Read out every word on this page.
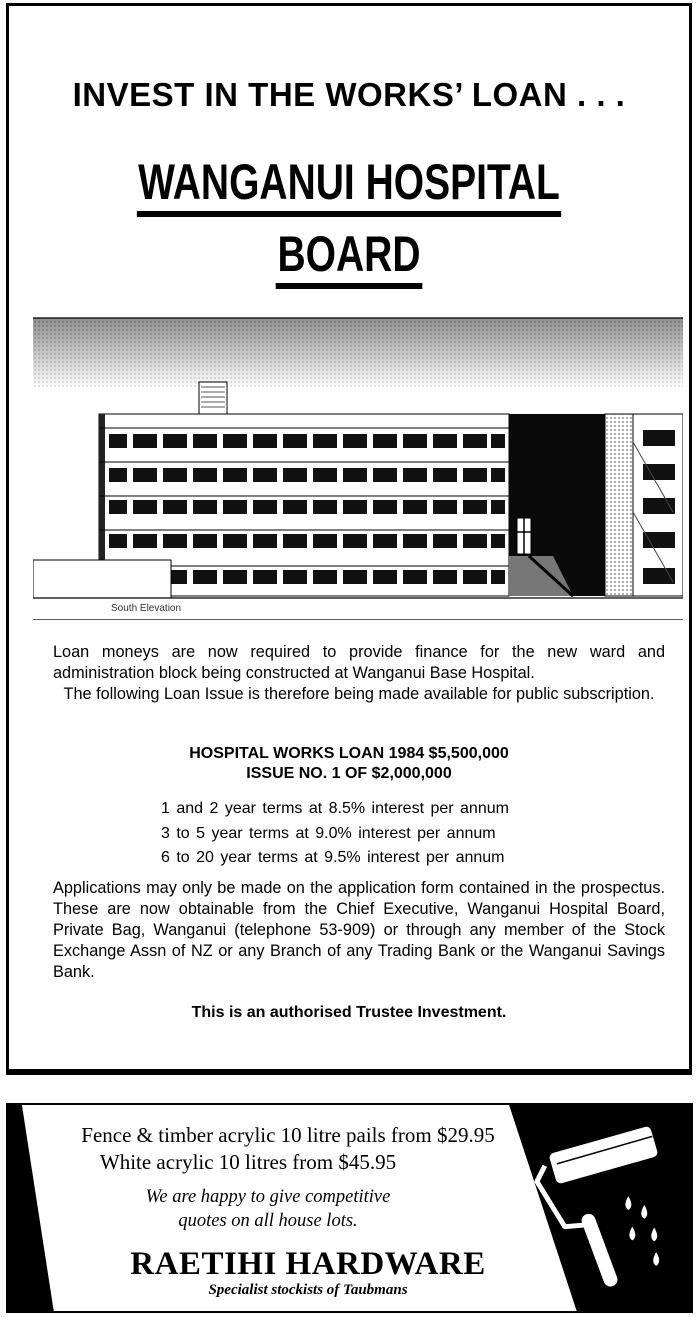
INVEST IN THE WORKS’ LOAN . . .
WANGANUI HOSPITAL
BOARD
South Elevation
Loan moneys are now required to provide finance for the new ward and administration block being constructed at Wanganui Base Hospital.
The following Loan Issue is therefore being made available for public subscription.
HOSPITAL WORKS LOAN 1984 $5,500,000
ISSUE NO. 1 OF $2,000,000
1 and 2 year terms at 8.5% interest per annum
3 to 5 year terms at 9.0% interest per annum
6 to 20 year terms at 9.5% interest per annum
Applications may only be made on the application form contained in the prospectus. These are now obtainable from the Chief Executive, Wanganui Hospital Board, Private Bag, Wanganui (telephone 53-909) or through any member of the Stock Exchange Assn of NZ or any Branch of any Trading Bank or the Wanganui Savings Bank.
This is an authorised Trustee Investment.
Fence & timber acrylic 10 litre pails from $29.95
White acrylic 10 litres from $45.95
We are happy to give competitive
quotes on all house lots.
RAETIHI HARDWARE
Specialist stockists of Taubmans
